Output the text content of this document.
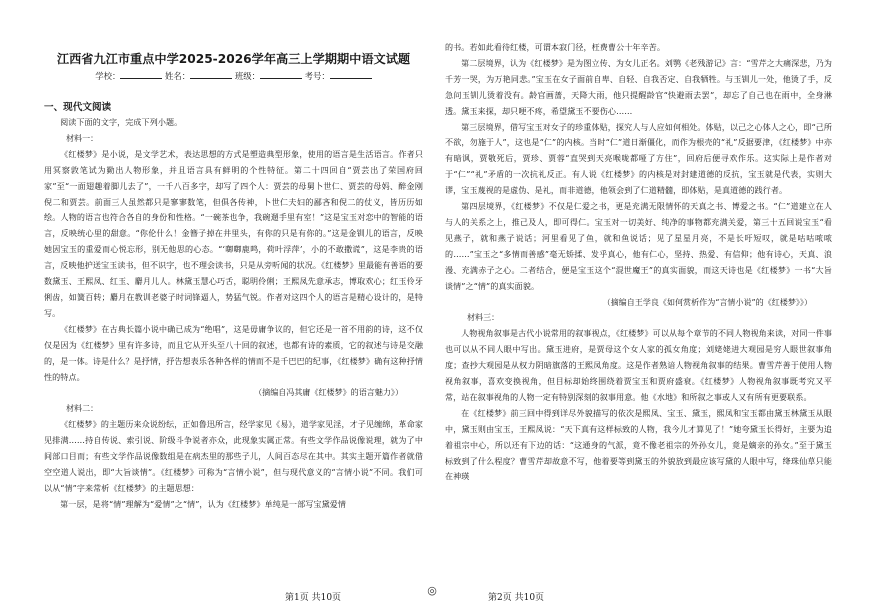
江西省九江市重点中学2025-2026学年高三上学期期中语文试题
学校：	姓名：	班级：	考号：
一、现代文阅读

阅读下面的文字，完成下列小题。

材料一：

《红楼梦》是小说，是文学艺术，表达思想的方式是塑造典型形象，使用的语言是生活语言。作者只用冥察敦笔试为勤出人物形象，并且语言具有鲜明的个性特征。第二十四回自“贾芸出了荣国府回家”至“一面翅趣着脚儿去了”，一千八百多字，却写了四个人：贾芸的母舅卜世仁、贾芸的母妈、醉金刚倪二和贾芸。前面三人虽然都只是寥寥数笔，但俱各传神，卜世仁夫妇的鄙吝和倪二的仗义，皆历历如绘。人物的语言也符合各自的身份和性格。“一碗茶也争，我碗遛手里有室！”这是宝玉对恋中的智能的语言，反映统心里的甜意。“你伦什么！金簪子掉在井里头，有你的只是有你的。”这是金钏儿的语言，反映她因宝玉的重爱而心悦忘形，别无他思的心态。“‘啣啣鹿鸣，荷叶浮萍’，小的不敢撒谎”，这是李贵的语言，反映他护送宝玉读书，但不识字，也不理会读书，只是从旁听闻的状况。《红楼梦》里最能有善语的要数黛玉、王熙凤、红玉、麝月儿人。林黛玉慧心巧舌，聪明伶俐；王熙凤先意承志，博取欢心；红玉伶牙俐齿，如簧百转；麝月在教训老婆子时词锋逼人，势猛气锐。作者对这四个人的语言是精心设计的，是特写。

《红楼梦》在古典长篇小说中确已成为“绝唱”，这是毋庸争议的，但它还是一首不用韵的诗，这不仅仅是因为《红楼梦》里有许多诗，而且它从开头至八十回的叙述，也都有诗的素质，它的叙述与诗是交融的，是一体。诗是什么？是抒情，抒告想表乐各种各样的情而不是千巴巴的纪事，《红楼梦》确有这种抒情性的特点。

（摘编自冯其庸《红楼梦》的语言魅力》）
材料二：

《红楼梦》的主题历来众说纷纭，正如鲁迅所言，经学家见《易》，道学家见淫，才子见缠绵，革命家见排满……持自传说、索引说、阶级斗争说者亦众，此现象实属正常。有些文学作品说像说理，就为了中间部口目而；有些文学作品说像数组是在病杰里的那些子儿，人间百态尽在其中。其实主题开篇作者就借空空道人说出，即“大旨谈情”。《红楼梦》可称为“言情小说”，但与现代意义的“言情小说”不同。我们可以从“情”字来常析《红楼梦》的主题思想：

第一层，是将“情”理解为“爱情”之“情”，认为《红楼梦》单纯是一部写宝黛爱情

的书。若如此看待红楼，可谓本寂门径，枉费曹公十年辛苦。

第二层境界，认为《红楼梦》是为图立传、为女儿正名。刘鹗《老残游记》言：“雪芹之大痛深悲，乃为千芳一哭，为万艳同悲。”宝玉在女子面前自卑、自轻、自我否定、自我牺牲。与玉钏儿一处，他烫了手，反急问玉钏儿烫着没有。龄官画蔷，天降大雨，他只提醒龄官“快避雨去罢”，却忘了自己也在雨中，全身淋透。黛玉来探，却只哽不疼，希望黛玉不要伤心……

第三层境界，借写宝玉对女子的珍重体贴，探究人与人应如何相处。体贴，以己之心体人之心，即“己所不欲，勿施于人”，这也是“仁”的内核。当时“仁”道日渐僵化，而作为根壳的“礼”反据要津，《红楼梦》中亦有暗讽，贾敬死后，贾珍、贾蓉“直哭到天亮喉咙都哑了方住”，回府后便寻欢作乐。这实际上是作者对于“仁”“礼”矛盾的一次抗礼反正。有人说《红楼梦》的内核是对封建道德的反抗，宝玉就是代表，实则大谬，宝玉蔑视的是虚伪、是礼，而非道德，他领会到了仁道精髓，即体贴，是真道德的践行者。

第四层境界，《红楼梦》不仅是仁爱之书，更是充满无限情怀的天真之书、博爱之书。“仁”道建立在人与人的关系之上，推己及人，即可得仁。宝玉对一切美好、纯净的事物都充满关爱，第三十五回说宝玉“看见燕子，就和燕子说话；河里看见了鱼，就和鱼说话；见了星星月亮，不是长吁短叹，就是咕咕哝哝的……”宝玉之“多情而善感”毫无矫揉、发乎真心，他有仁心，坚持、热爱、有信仰；他有诗心，天真、浪漫、充满赤子之心。二者结合，便是宝玉这个“混世魔王”的真实面貌，而这天诗也是《红楼梦》一书“大旨谈情”之“情”的真实面貌。

（摘编自王学良《如何赏析作为“言情小说”的《红楼梦》》）
材料三：

人物视角叙事是古代小说常用的叙事视点，《红楼梦》可以从每个章节的不同人物视角来读，对同一件事也可以从不同人眼中写出。黛玉进府，是贾母这个女人家的孤女角度；刘姥姥进大观园是穷人眼世叙事角度；查抄大观园是从权力阴暗旗落的王熙凤角度。这是作者熟谙人物视角叙事的结果。曹雪芹善于使用人物视角叙事，喜欢变换视角，但目标却始终围绕着贾宝玉和贾府盛衰。《红楼梦》人物视角叙事既考究又平常，站在叙事视角的人物一定有特别深刻的叙事用意。他《水地》和所叙之事或人又有所有更要联系。

在《红楼梦》前三回中得到详尽外貌描写的依次是熙凤、宝玉、黛玉，熙凤和宝玉都由黛玉林黛玉从眼中，黛玉则由宝玉，王熙凤说：“天下真有这样标致的人物，我今儿才算见了！”她夸黛玉长得好，主要为追着祖宗中心，所以还有下边的话：“这通身的气派，竟不像老祖宗的外孙女儿，竟是嫡亲的孙女。”至于黛玉标致到了什么程度？曹雪芹却故意不写，他着要等到黛玉的外貌放到最应该写黛的人眼中写，绛珠仙草只能在神瑛

第1页 共10页
◎
第2页 共10页
